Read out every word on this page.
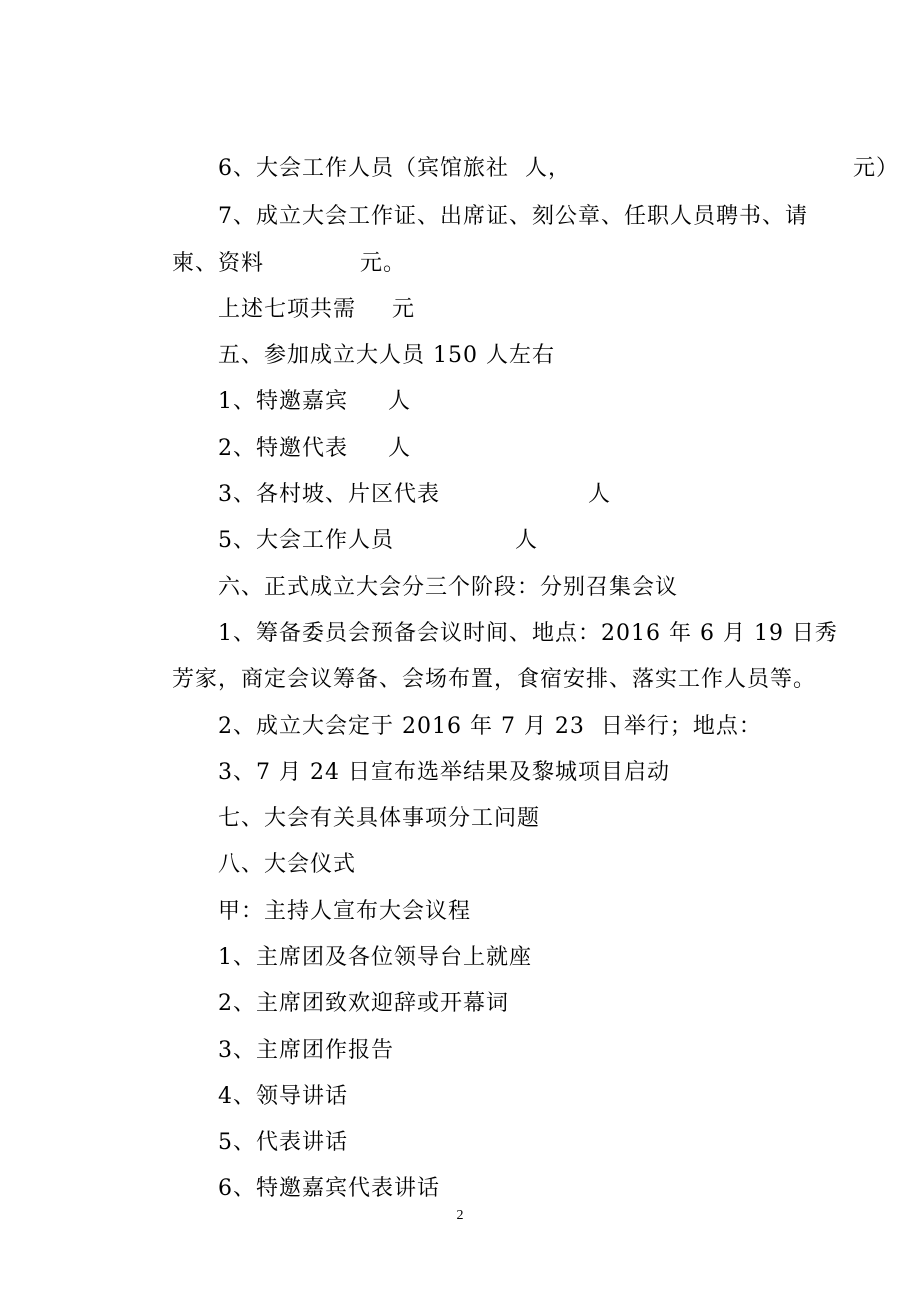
6、大会工作人员（宾馆旅社  人，	元）

7、成立大会工作证、出席证、刻公章、任职人员聘书、请

柬、资料	元。

上述七项共需 元

五、参加成立大人员 150 人左右

1、特邀嘉宾 人

2、特邀代表 人

3、各村坡、片区代表	人

5、大会工作人员	人

六、正式成立大会分三个阶段：分别召集会议

1、筹备委员会预备会议时间、地点：2016 年 6 月 19 日秀

芳家，商定会议筹备、会场布置，食宿安排、落实工作人员等。

2、成立大会定于 2016 年 7 月 23  日举行；地点：

3、7 月 24 日宣布选举结果及黎城项目启动

七、大会有关具体事项分工问题

八、大会仪式

甲：主持人宣布大会议程

1、主席团及各位领导台上就座

2、主席团致欢迎辞或开幕词

3、主席团作报告

4、领导讲话

5、代表讲话

6、特邀嘉宾代表讲话

2
